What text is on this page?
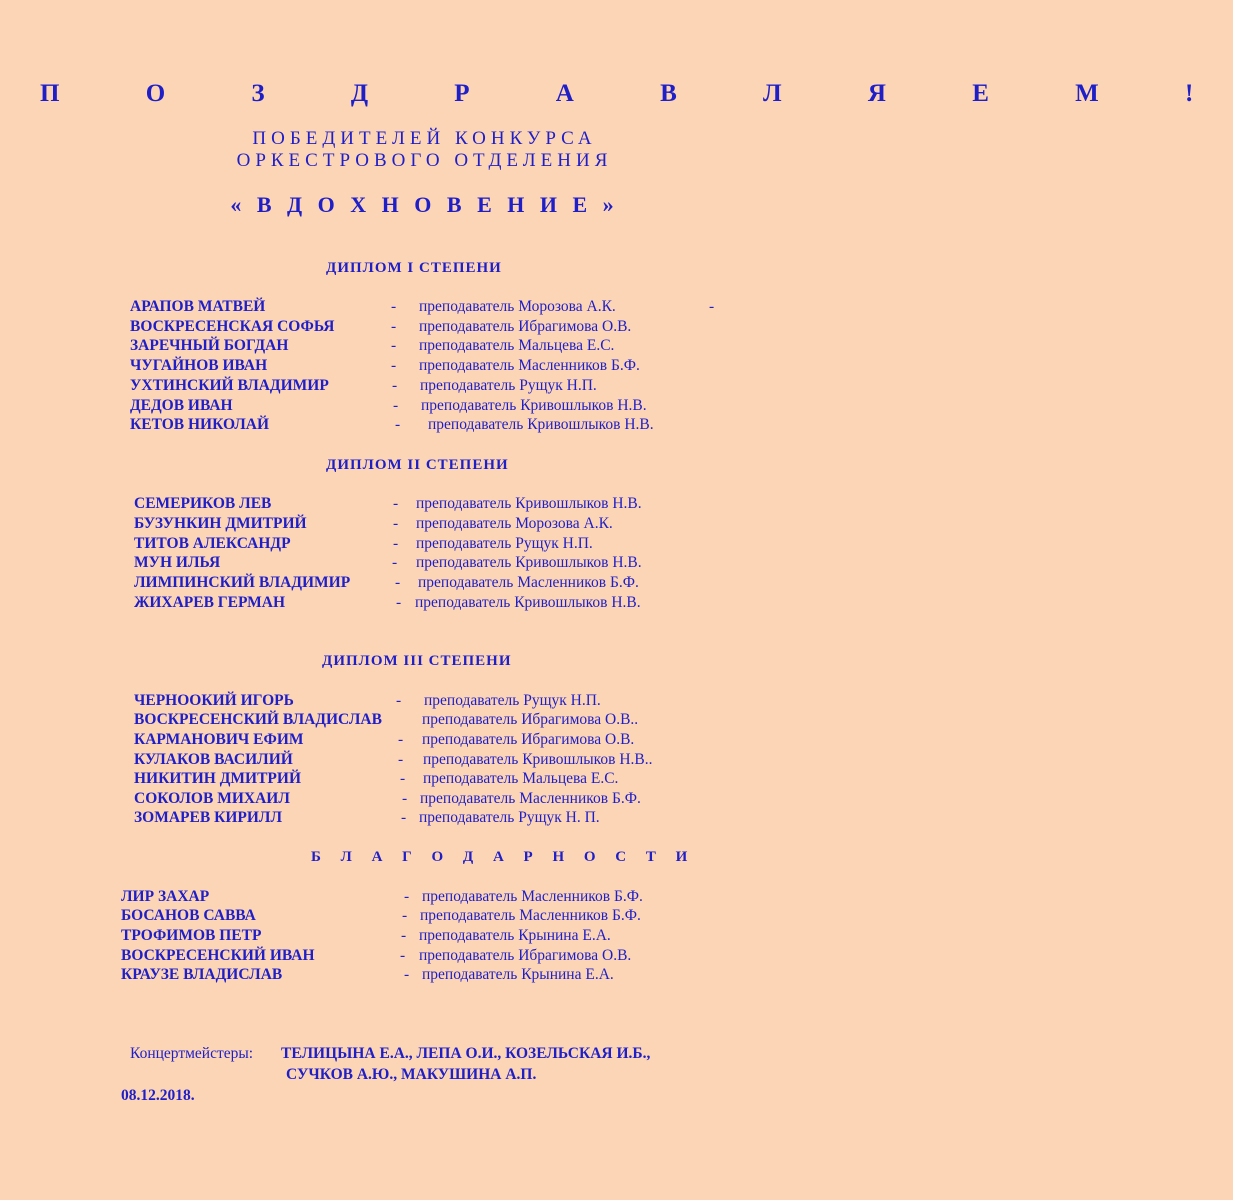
П О З Д Р А В Л Я Е М !
ПОБЕДИТЕЛЕЙ КОНКУРСА
ОРКЕСТРОВОГО ОТДЕЛЕНИЯ
« В Д О Х Н О В Е Н И Е »
ДИПЛОМ I СТЕПЕНИ
-
АРАПОВ МАТВЕЙ	- преподаватель Морозова А.К.
ВОСКРЕСЕНСКАЯ СОФЬЯ	- преподаватель Ибрагимова О.В.
ЗАРЕЧНЫЙ БОГДАН	- преподаватель Мальцева Е.С.
ЧУГАЙНОВ ИВАН	- преподаватель Масленников Б.Ф.
УХТИНСКИЙ ВЛАДИМИР	- преподаватель Рущук Н.П.
ДЕДОВ ИВАН	- преподаватель Кривошлыков Н.В.
КЕТОВ НИКОЛАЙ	- преподаватель Кривошлыков Н.В.
ДИПЛОМ II СТЕПЕНИ
СЕМЕРИКОВ ЛЕВ	- преподаватель Кривошлыков Н.В.
БУЗУНКИН ДМИТРИЙ	- преподаватель Морозова А.К.
ТИТОВ АЛЕКСАНДР	- преподаватель Рущук Н.П.
МУН ИЛЬЯ	- преподаватель Кривошлыков Н.В.
ЛИМПИНСКИЙ ВЛАДИМИР	- преподаватель Масленников Б.Ф.
ЖИХАРЕВ ГЕРМАН	- преподаватель Кривошлыков Н.В.
ДИПЛОМ III СТЕПЕНИ
ЧЕРНООКИЙ ИГОРЬ	- преподаватель Рущук Н.П.
ВОСКРЕСЕНСКИЙ ВЛАДИСЛАВ	преподаватель Ибрагимова О.В..
КАРМАНОВИЧ ЕФИМ	- преподаватель Ибрагимова О.В.
КУЛАКОВ ВАСИЛИЙ	- преподаватель Кривошлыков Н.В..
НИКИТИН ДМИТРИЙ	- преподаватель Мальцева Е.С.
СОКОЛОВ МИХАИЛ	- преподаватель Масленников Б.Ф.
ЗОМАРЕВ КИРИЛЛ	- преподаватель Рущук Н. П.
Б Л А Г О Д А Р Н О С Т И
ЛИР ЗАХАР	- преподаватель Масленников Б.Ф.
БОСАНОВ САВВА	- преподаватель Масленников Б.Ф.
ТРОФИМОВ ПЕТР	- преподаватель Крынина Е.А.
ВОСКРЕСЕНСКИЙ ИВАН	- преподаватель Ибрагимова О.В.
КРАУЗЕ ВЛАДИСЛАВ	- преподаватель Крынина Е.А.
Концертмейстеры: ТЕЛИЦЫНА Е.А., ЛЕПА О.И., КОЗЕЛЬСКАЯ И.Б.,
СУЧКОВ А.Ю., МАКУШИНА А.П.
08.12.2018.
